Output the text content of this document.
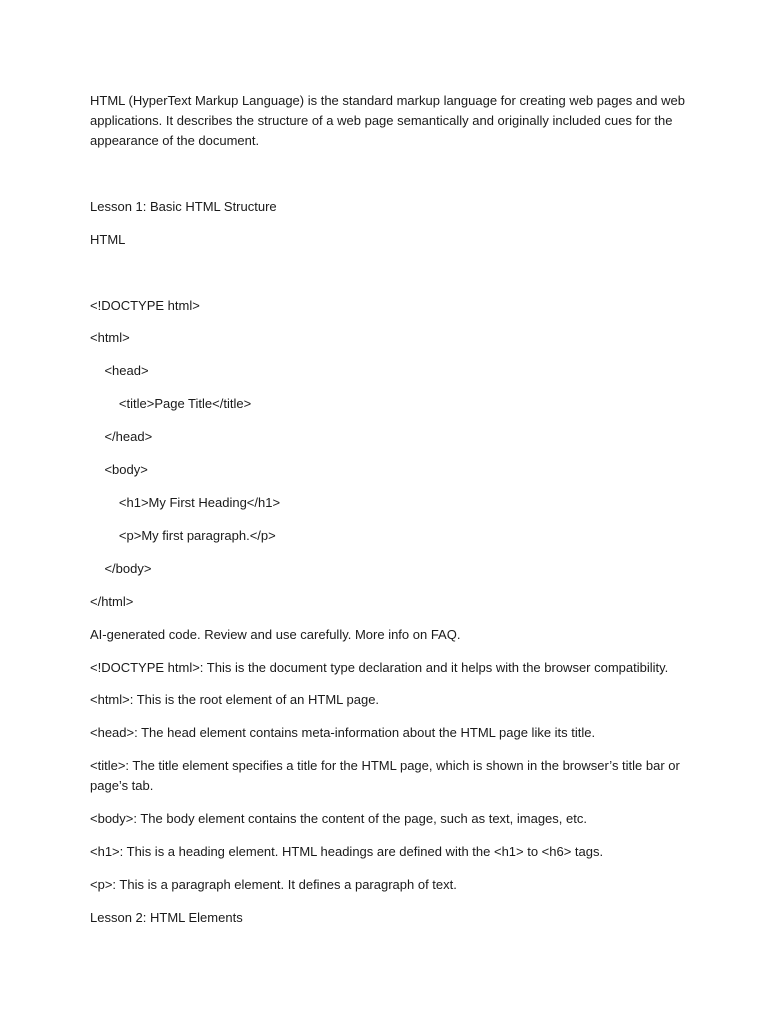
HTML (HyperText Markup Language) is the standard markup language for creating web pages and web applications. It describes the structure of a web page semantically and originally included cues for the appearance of the document.

Lesson 1: Basic HTML Structure

HTML

<!DOCTYPE html>

<html>

<head>

<title>Page Title</title>

</head>

<body>

<h1>My First Heading</h1>

<p>My first paragraph.</p>

</body>

</html>

AI-generated code. Review and use carefully. More info on FAQ.

<!DOCTYPE html>: This is the document type declaration and it helps with the browser compatibility.

<html>: This is the root element of an HTML page.

<head>: The head element contains meta-information about the HTML page like its title.

<title>: The title element specifies a title for the HTML page, which is shown in the browser’s title bar or page’s tab.

<body>: The body element contains the content of the page, such as text, images, etc.

<h1>: This is a heading element. HTML headings are defined with the <h1> to <h6> tags.

<p>: This is a paragraph element. It defines a paragraph of text.

Lesson 2: HTML Elements
